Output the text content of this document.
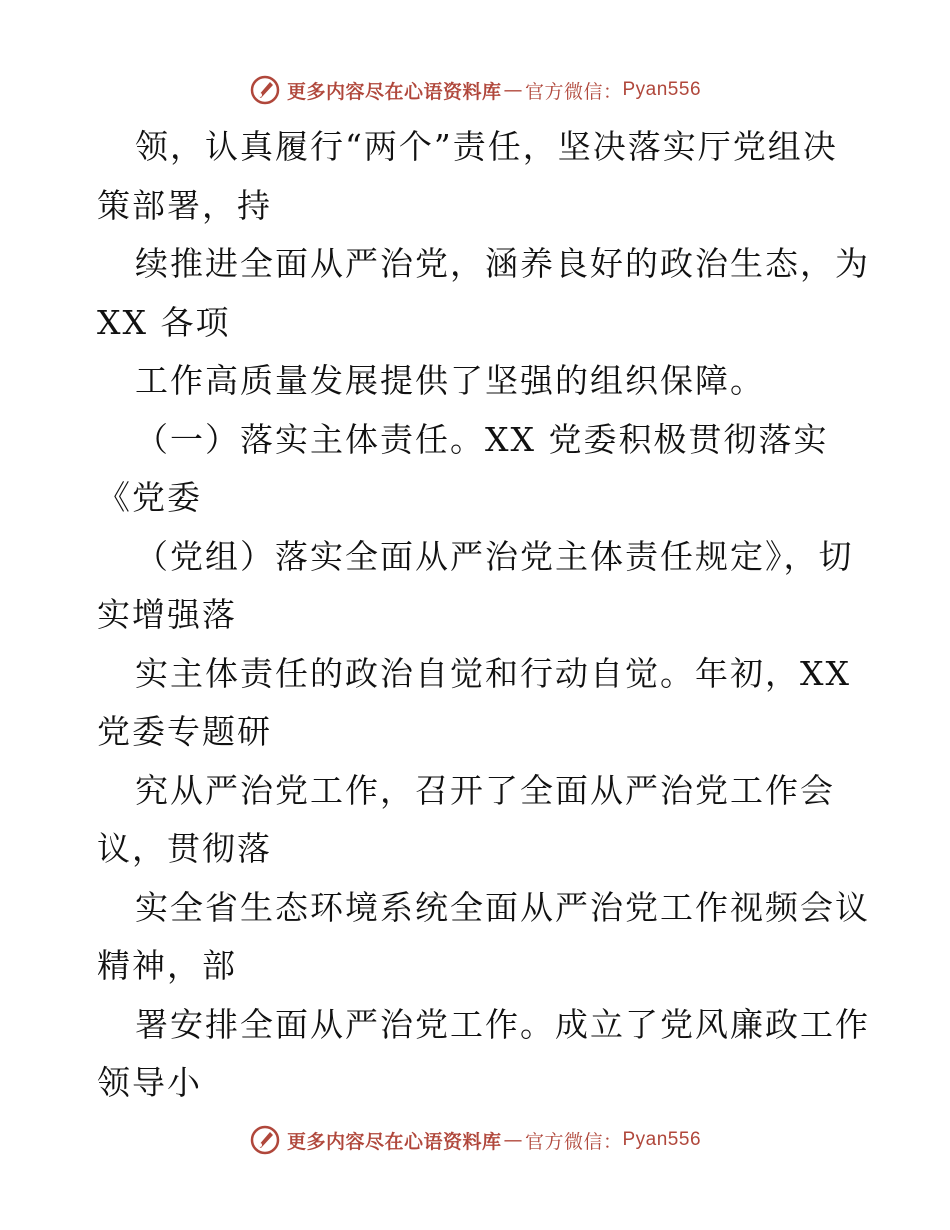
更多内容尽在心语资料库 — 官方微信： Pyan556
领，认真履行“两个”责任，坚决落实厅党组决
策部署，持
续推进全面从严治党，涵养良好的政治生态，为
XX 各项
工作高质量发展提供了坚强的组织保障。
（一）落实主体责任。XX 党委积极贯彻落实
《党委
（党组）落实全面从严治党主体责任规定》，切
实增强落
实主体责任的政治自觉和行动自觉。年初，XX
党委专题研
究从严治党工作，召开了全面从严治党工作会
议，贯彻落
实全省生态环境系统全面从严治党工作视频会议
精神，部
署安排全面从严治党工作。成立了党风廉政工作
领导小
更多内容尽在心语资料库 — 官方微信： Pyan556
